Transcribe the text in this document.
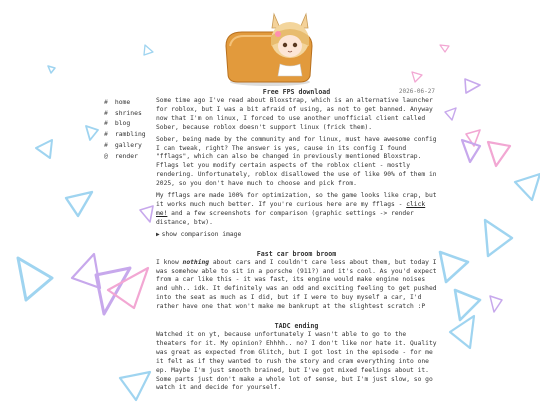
# home
# shrines
# blog
# rambling
# gallery
@ render
Free FPS download	2026-06-27

Some time ago I've read about Bloxstrap, which is an alternative launcher for roblox, but I was a bit afraid of using, as not to get banned. Anyway now that I'm on linux, I forced to use another unofficial client called Sober, because roblox doesn't support linux (frick them).

Sober, being made by the community and for linux, must have awesome config I can tweak, right? The answer is yes, cause in its config I found "fflags", which can also be changed in previously mentioned Bloxstrap. Fflags let you modify certain aspects of the roblox client - mostly rendering. Unfortunately, roblox disallowed the use of like 90% of them in 2025, so you don't have much to choose and pick from.

My fflags are made 100% for optimization, so the game looks like crap, but it works much much better. If you're curious here are my fflags - click me! and a few screenshots for comparison (graphic settings -> render distance, btw).

▶ show comparison image
Fast car broom broom

I know nothing about cars and I couldn't care less about them, but today I was somehow able to sit in a porsche (911?) and it's cool. As you'd expect from a car like this - it was fast, its engine would make engine noises and uhh.. idk. It definitely was an odd and exciting feeling to get pushed into the seat as much as I did, but if I were to buy myself a car, I'd rather have one that won't make me bankrupt at the slightest scratch :P

TADC ending

Watched it on yt, because unfortunately I wasn't able to go to the theaters for it. My opinion? Ehhhh.. no? I don't like nor hate it. Quality was great as expected from Glitch, but I got lost in the episode - for me it felt as if they wanted to rush the story and cram everything into one ep. Maybe I'm just smooth brained, but I've got mixed feelings about it. Some parts just don't make a whole lot of sense, but I'm just slow, so go watch it and decide for yourself.
